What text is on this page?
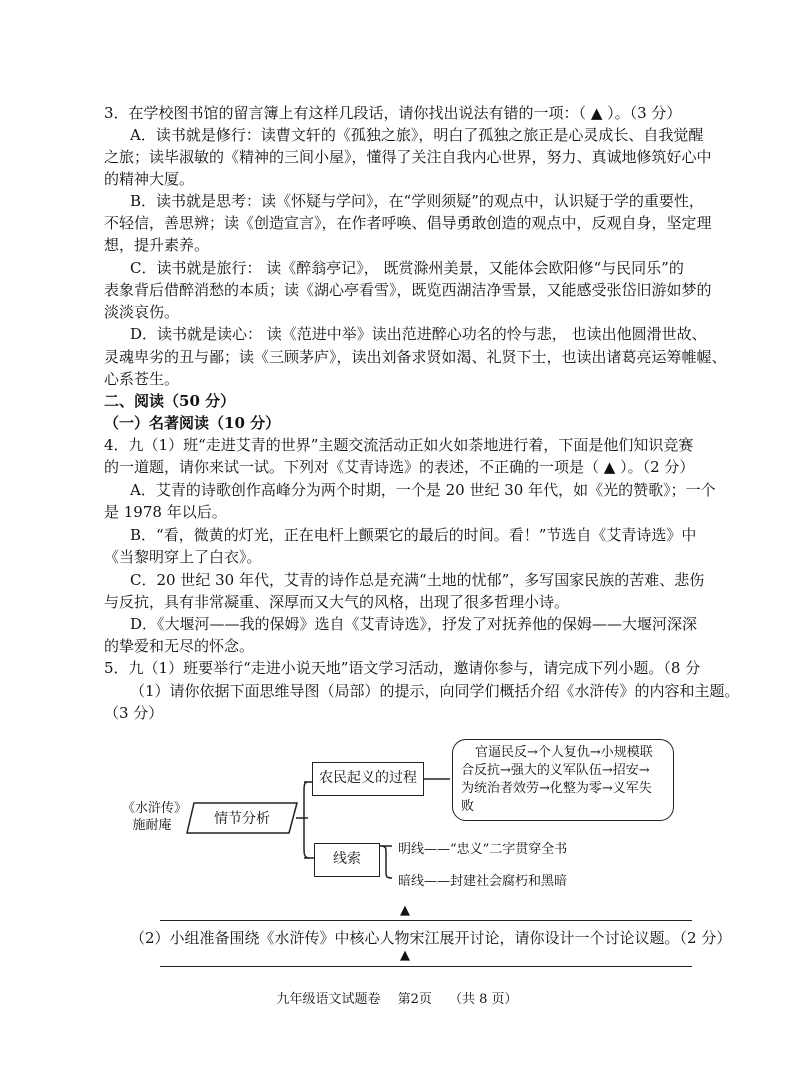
3．在学校图书馆的留言簿上有这样几段话，请你找出说法有错的一项：（ ▲ ）。（3 分）
A．读书就是修行：读曹文轩的《孤独之旅》，明白了孤独之旅正是心灵成长、自我觉醒
之旅；读毕淑敏的《精神的三间小屋》，懂得了关注自我内心世界，努力、真诚地修筑好心中
的精神大厦。
B．读书就是思考：读《怀疑与学问》，在“学则须疑”的观点中，认识疑于学的重要性，
不轻信，善思辨；读《创造宣言》，在作者呼唤、倡导勇敢创造的观点中，反观自身，坚定理
想，提升素养。
C．读书就是旅行： 读《醉翁亭记》， 既赏滁州美景，又能体会欧阳修“与民同乐”的
表象背后借醉消愁的本质；读《湖心亭看雪》，既览西湖洁净雪景，又能感受张岱旧游如梦的
淡淡哀伤。
D．读书就是读心： 读《范进中举》读出范进醉心功名的怜与悲， 也读出他圆滑世故、
灵魂卑劣的丑与鄙；读《三顾茅庐》，读出刘备求贤如渴、礼贤下士，也读出诸葛亮运筹帷幄、
心系苍生。
二、阅读（50 分）
（一）名著阅读（10 分）
4．九（1）班“走进艾青的世界”主题交流活动正如火如荼地进行着，下面是他们知识竞赛
的一道题，请你来试一试。下列对《艾青诗选》的表述，不正确的一项是（ ▲ ）。（2 分）
A．艾青的诗歌创作高峰分为两个时期，一个是 20 世纪 30 年代，如《光的赞歌》；一个
是 1978 年以后。
B．“看，微黄的灯光，正在电杆上颤栗它的最后的时间。看！”节选自《艾青诗选》中
《当黎明穿上了白衣》。
C．20 世纪 30 年代，艾青的诗作总是充满“土地的忧郁”，多写国家民族的苦难、悲伤
与反抗，具有非常凝重、深厚而又大气的风格，出现了很多哲理小诗。
D．《大堰河——我的保姆》选自《艾青诗选》，抒发了对抚养他的保姆——大堰河深深
的挚爱和无尽的怀念。
5．九（1）班要举行“走进小说天地”语文学习活动，邀请你参与，请完成下列小题。（8 分
（1）请你依据下面思维导图（局部）的提示，向同学们概括介绍《水浒传》的内容和主题。
（3 分）
《水浒传》
施耐庵	情节分析
农民起义的过程
官逼民反→个人复仇→小规模联
合反抗→强大的义军队伍→招安→
为统治者效劳→化整为零→义军失
败
线索
明线——“忠义”二字贯穿全书
暗线——封建社会腐朽和黑暗
▲
（2）小组准备围绕《水浒传》中核心人物宋江展开讨论，请你设计一个讨论议题。（2 分）
▲
九年级语文试题卷　 第2页　 （共 8 页）
